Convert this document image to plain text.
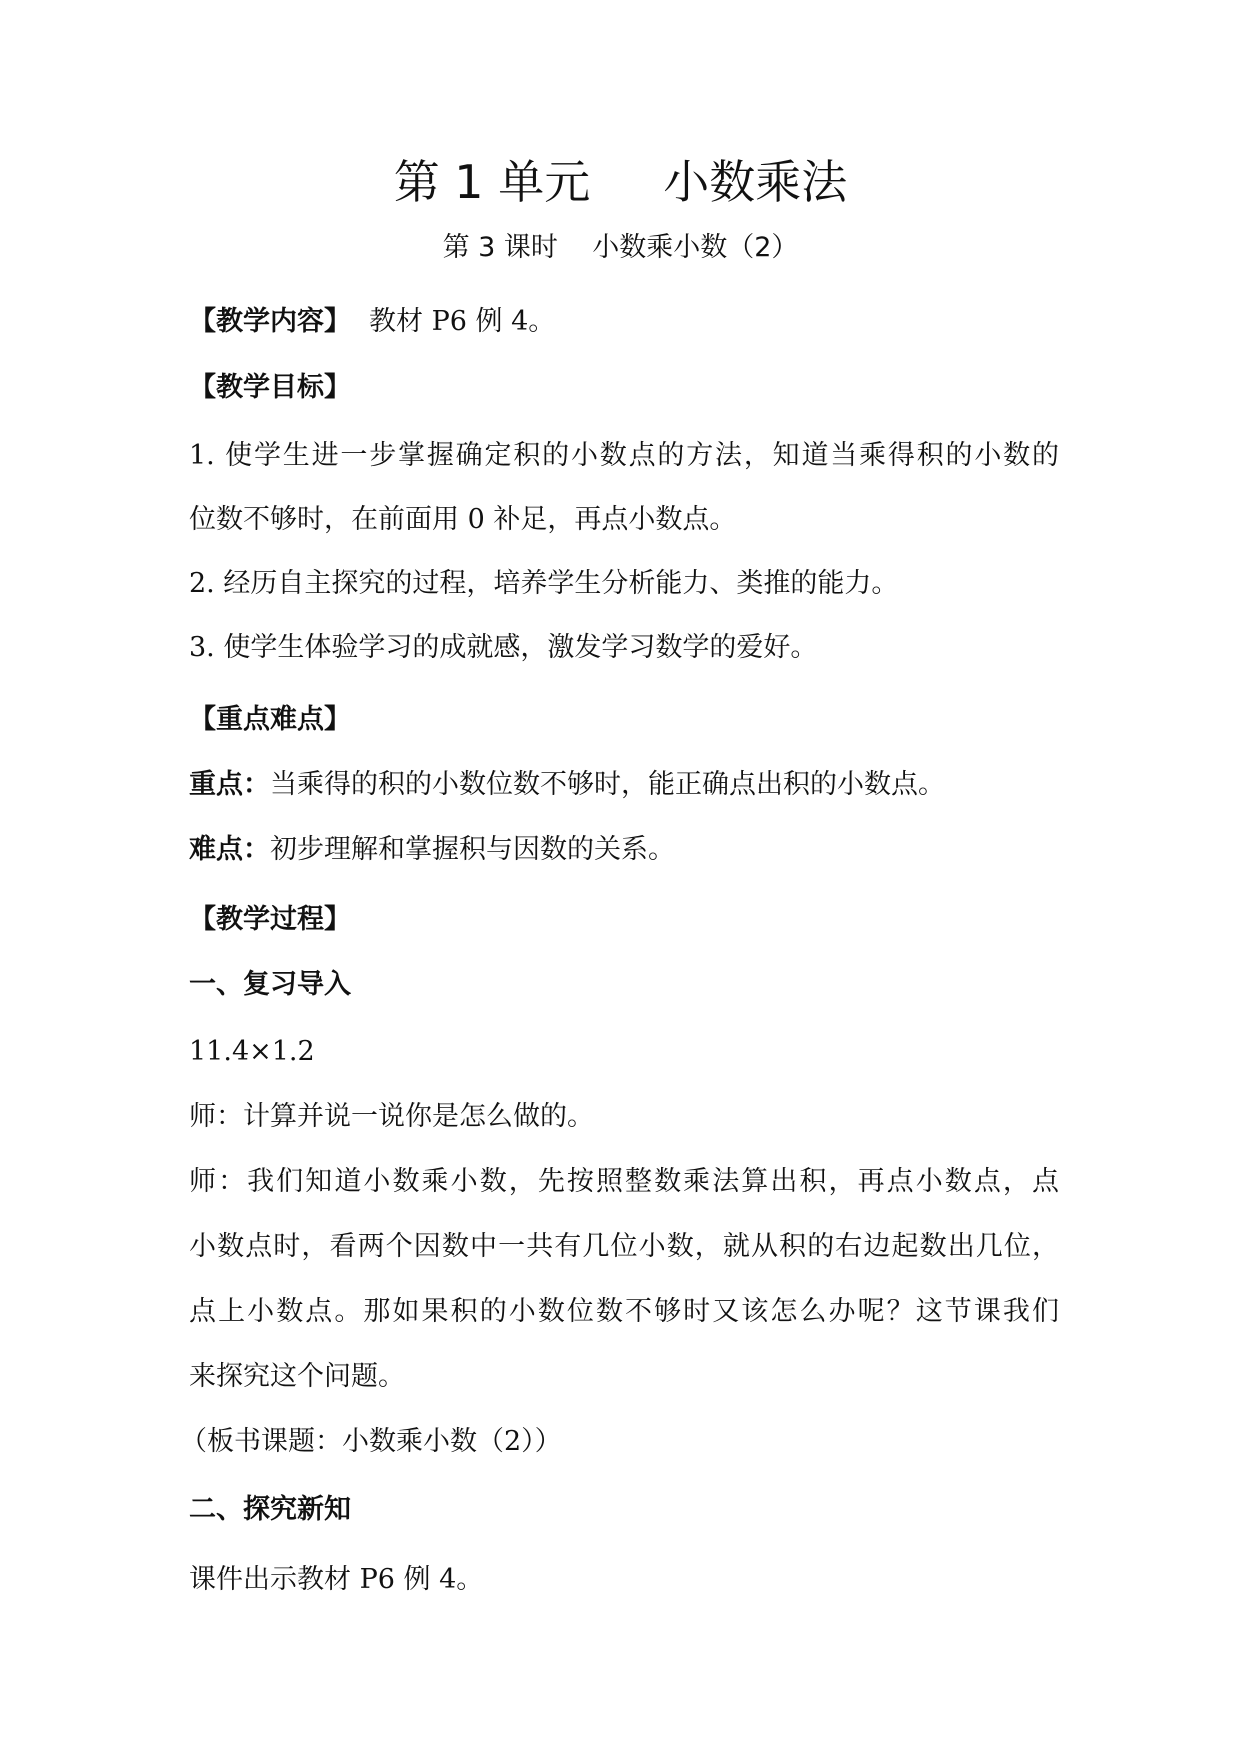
第 1 单元     小数乘法
第 3 课时    小数乘小数（2）
【教学内容】 教材 P6 例 4。
【教学目标】
1. 使学生进一步掌握确定积的小数点的方法，知道当乘得积的小数的
位数不够时，在前面用 0 补足，再点小数点。
2. 经历自主探究的过程，培养学生分析能力、类推的能力。
3. 使学生体验学习的成就感，激发学习数学的爱好。
【重点难点】
重点：当乘得的积的小数位数不够时，能正确点出积的小数点。
难点：初步理解和掌握积与因数的关系。
【教学过程】
一、复习导入
11.4×1.2
师：计算并说一说你是怎么做的。
师：我们知道小数乘小数，先按照整数乘法算出积，再点小数点，点
小数点时，看两个因数中一共有几位小数，就从积的右边起数出几位，
点上小数点。那如果积的小数位数不够时又该怎么办呢？这节课我们
来探究这个问题。
（板书课题：小数乘小数（2））
二、探究新知
课件出示教材 P6 例 4。
